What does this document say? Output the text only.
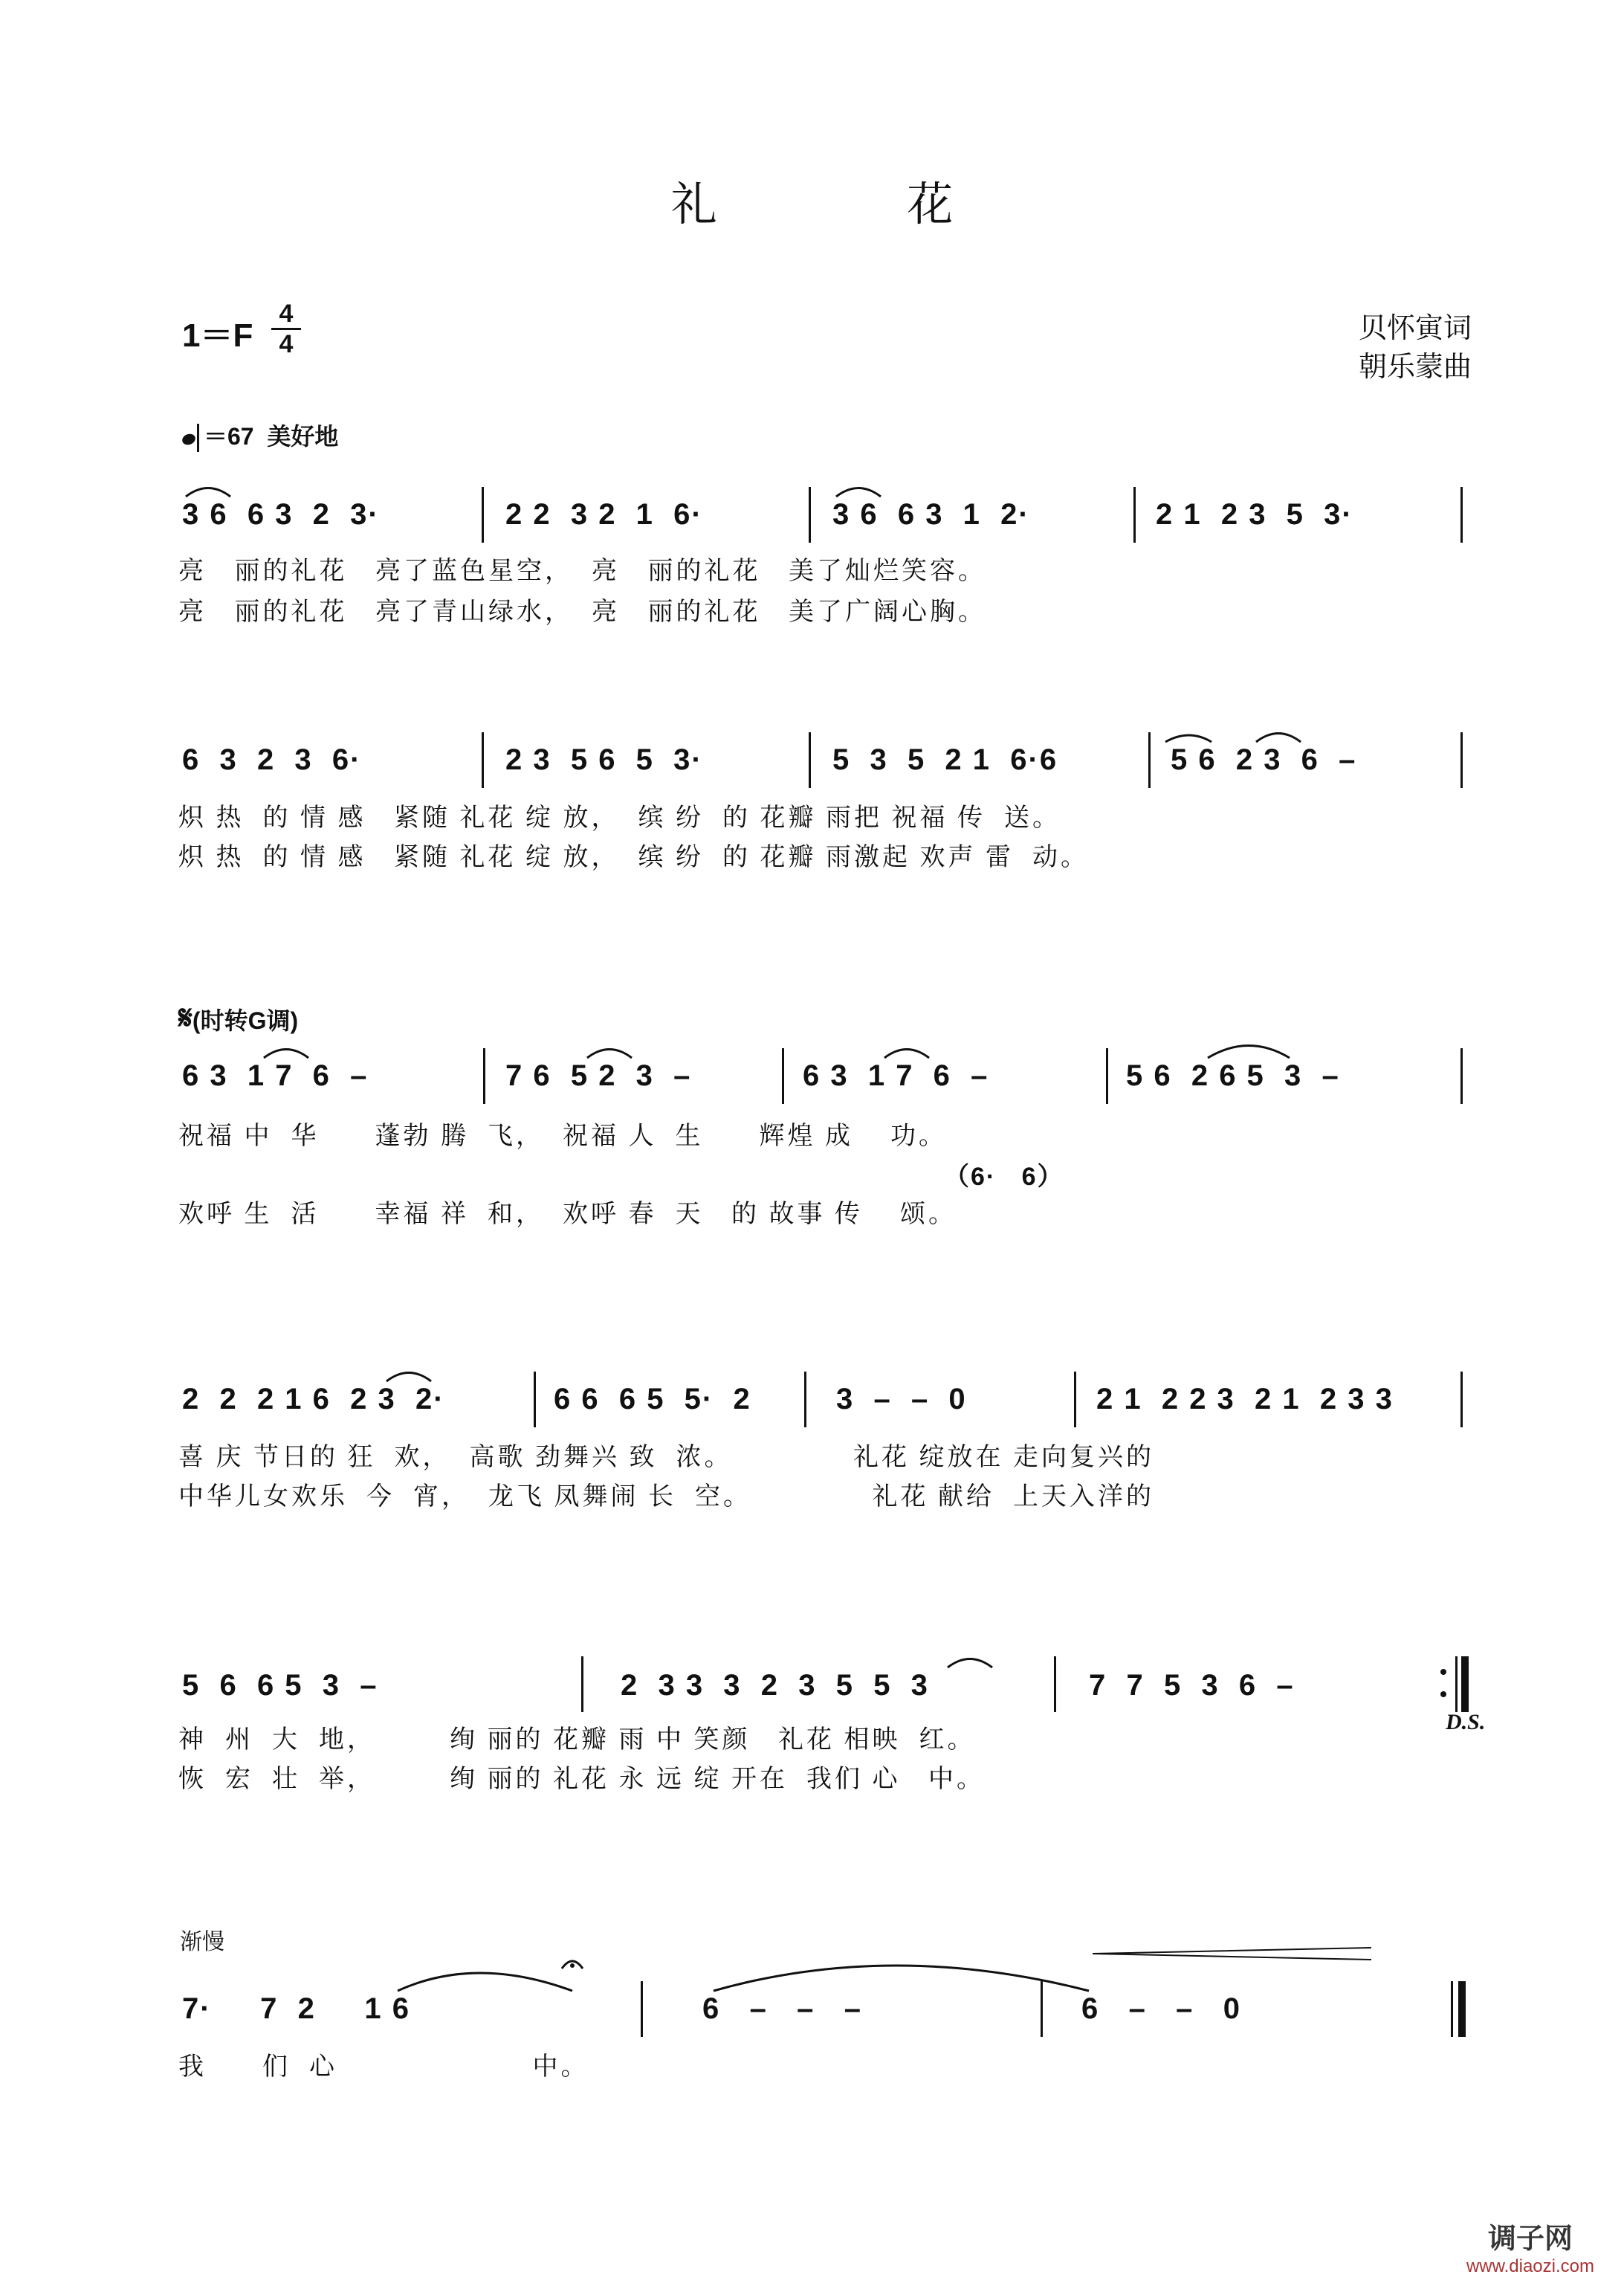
礼 花
1＝F
4
4	贝怀寅词
朝乐蒙曲
＝67 美好地
3 6  6 3  2  3·	2 2  3 2  1  6·	3 6  6 3  1  2·	2 1  2 3  5  3·
亮   丽的礼花   亮了蓝色星空，  亮   丽的礼花   美了灿烂笑容。
亮   丽的礼花   亮了青山绿水，  亮   丽的礼花   美了广阔心胸。
6  3  2  3  6·	2 3  5 6  5  3·	5  3  5  2 1  6·6	5 6  2 3  6  –
炽 热  的 情 感   紧随 礼花 绽 放，  缤 纷  的 花瓣 雨把 祝福 传  送。
炽 热  的 情 感   紧随 礼花 绽 放，  缤 纷  的 花瓣 雨激起 欢声 雷  动。
𝄋(时转G调)
6 3  1 7  6  –	7 6  5 2  3  –	6 3  1 7  6  –	5 6  2 6 5  3  –
祝福 中  华      蓬勃 腾  飞，  祝福 人  生      辉煌 成    功。
（6·   6）
欢呼 生  活      幸福 祥  和，  欢呼 春  天   的 故事 传    颂。
2  2  2 1 6  2 3  2·	6 6  6 5  5·  2	3  –  –  0	2 1  2 2 3  2 1  2 3 3
喜 庆 节日的 狂  欢，  高歌 劲舞兴 致  浓。             礼花 绽放在 走向复兴的
中华儿女欢乐  今  宵，  龙飞 凤舞闹 长  空。             礼花 献给  上天入洋的
5  6  6 5  3  –	2  3 3  3  2  3  5  5  3	7  7  5  3  6  –
D.S.
神  州  大  地，        绚 丽的 花瓣 雨 中 笑颜   礼花 相映  红。
恢  宏  壮  举，        绚 丽的 礼花 永 远 绽 开在  我们 心   中。
渐慢
7·     7  2     1 6	6   –   –   –	6   –   –   0
我      们  心                     中。
调子网
www.diaozi.com
